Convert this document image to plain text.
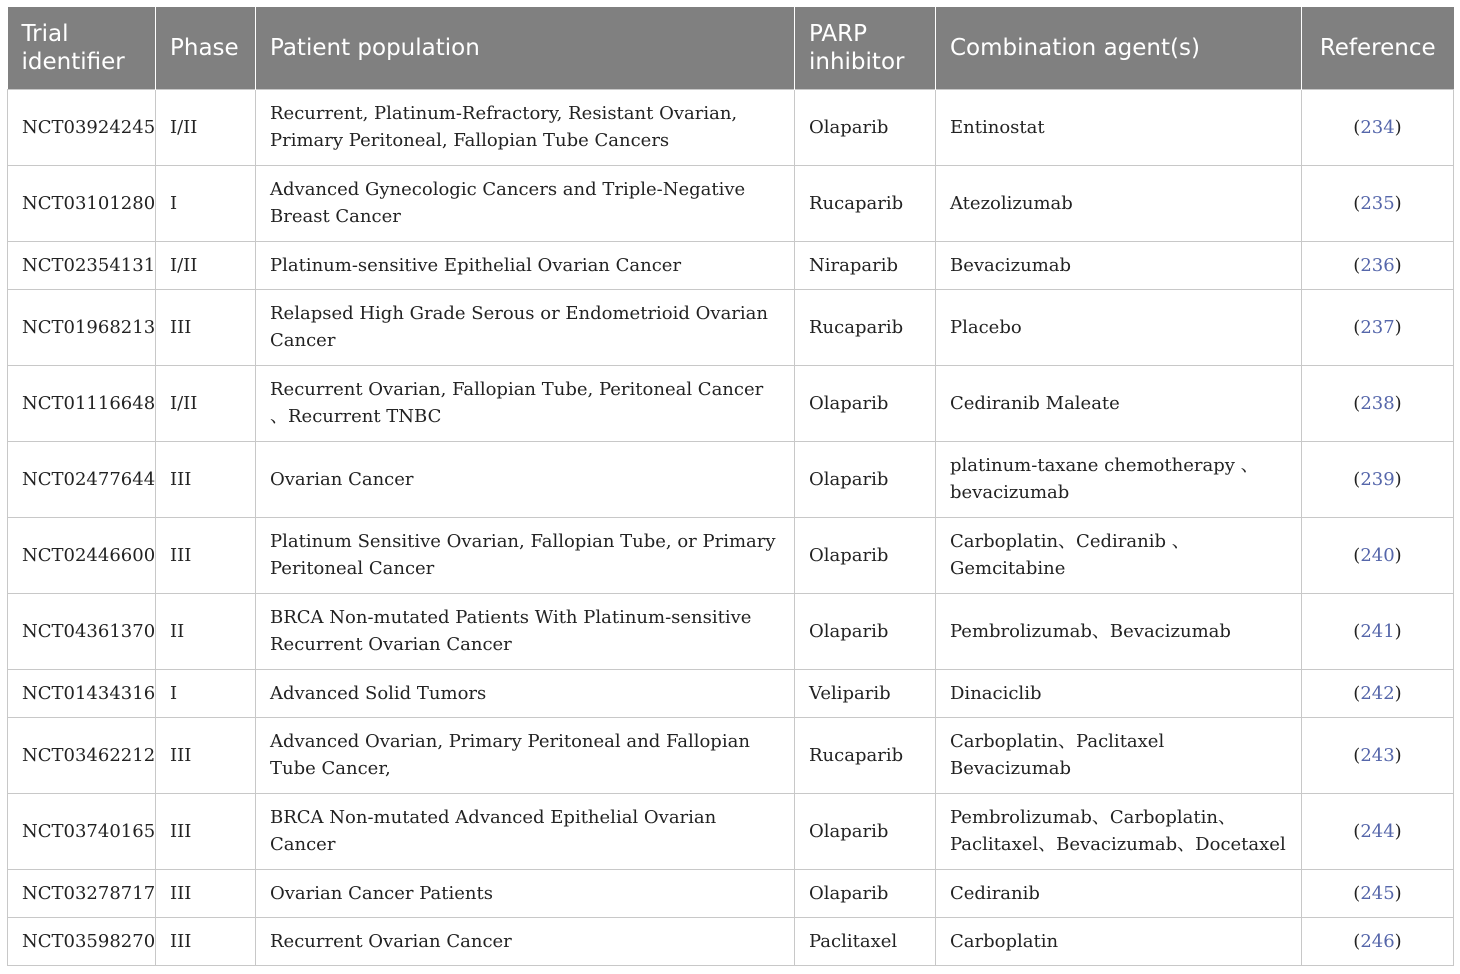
Trial identifier	Phase	Patient population	PARP inhibitor	Combination agent(s)	Reference
NCT03924245	I/II	Recurrent, Platinum-Refractory, Resistant Ovarian, Primary Peritoneal, Fallopian Tube Cancers	Olaparib	Entinostat	(234)
NCT03101280	I	Advanced Gynecologic Cancers and Triple-Negative Breast Cancer	Rucaparib	Atezolizumab	(235)
NCT02354131	I/II	Platinum-sensitive Epithelial Ovarian Cancer	Niraparib	Bevacizumab	(236)
NCT01968213	III	Relapsed High Grade Serous or Endometrioid Ovarian Cancer	Rucaparib	Placebo	(237)
NCT01116648	I/II	Recurrent Ovarian, Fallopian Tube, Peritoneal Cancer 、Recurrent TNBC	Olaparib	Cediranib Maleate	(238)
NCT02477644	III	Ovarian Cancer	Olaparib	platinum-taxane chemotherapy 、bevacizumab	(239)
NCT02446600	III	Platinum Sensitive Ovarian, Fallopian Tube, or Primary Peritoneal Cancer	Olaparib	Carboplatin、Cediranib 、Gemcitabine	(240)
NCT04361370	II	BRCA Non-mutated Patients With Platinum-sensitive Recurrent Ovarian Cancer	Olaparib	Pembrolizumab、Bevacizumab	(241)
NCT01434316	I	Advanced Solid Tumors	Veliparib	Dinaciclib	(242)
NCT03462212	III	Advanced Ovarian, Primary Peritoneal and Fallopian Tube Cancer,	Rucaparib	Carboplatin、Paclitaxel Bevacizumab	(243)
NCT03740165	III	BRCA Non-mutated Advanced Epithelial Ovarian Cancer	Olaparib	Pembrolizumab、Carboplatin、Paclitaxel、Bevacizumab、Docetaxel	(244)
NCT03278717	III	Ovarian Cancer Patients	Olaparib	Cediranib	(245)
NCT03598270	III	Recurrent Ovarian Cancer	Paclitaxel	Carboplatin	(246)
